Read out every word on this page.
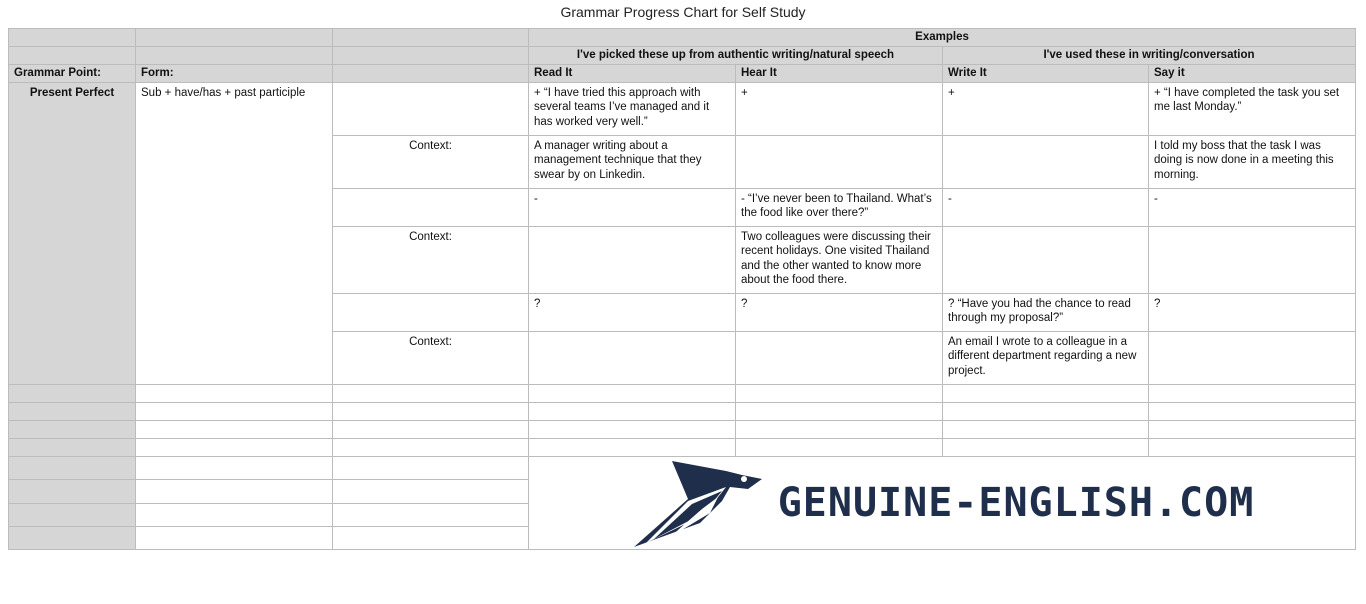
Grammar Progress Chart for Self Study
			Examples			
			I've picked these up from authentic writing/natural speech		I've used these in writing/conversation	
Grammar Point:	Form:		Read It	Hear It	Write It	Say it
Present Perfect	Sub + have/has + past participle		+ “I have tried this approach with several teams I’ve managed and it has worked very well.”	+	+	+ “I have completed the task you set me last Monday.”
		Context:	A manager writing about a management technique that they swear by on Linkedin.			I told my boss that the task I was doing is now done in a meeting this morning.
			-	- “I’ve never been to Thailand. What’s the food like over there?”	-	-
		Context:		Two colleagues were discussing their recent holidays. One visited Thailand and the other wanted to know more about the food there.		
			?	?	? “Have you had the chance to read through my proposal?”	?
		Context:			An email I wrote to a colleague in a different department regarding a new project.	

			GENUINE-ENGLISH.COM			
